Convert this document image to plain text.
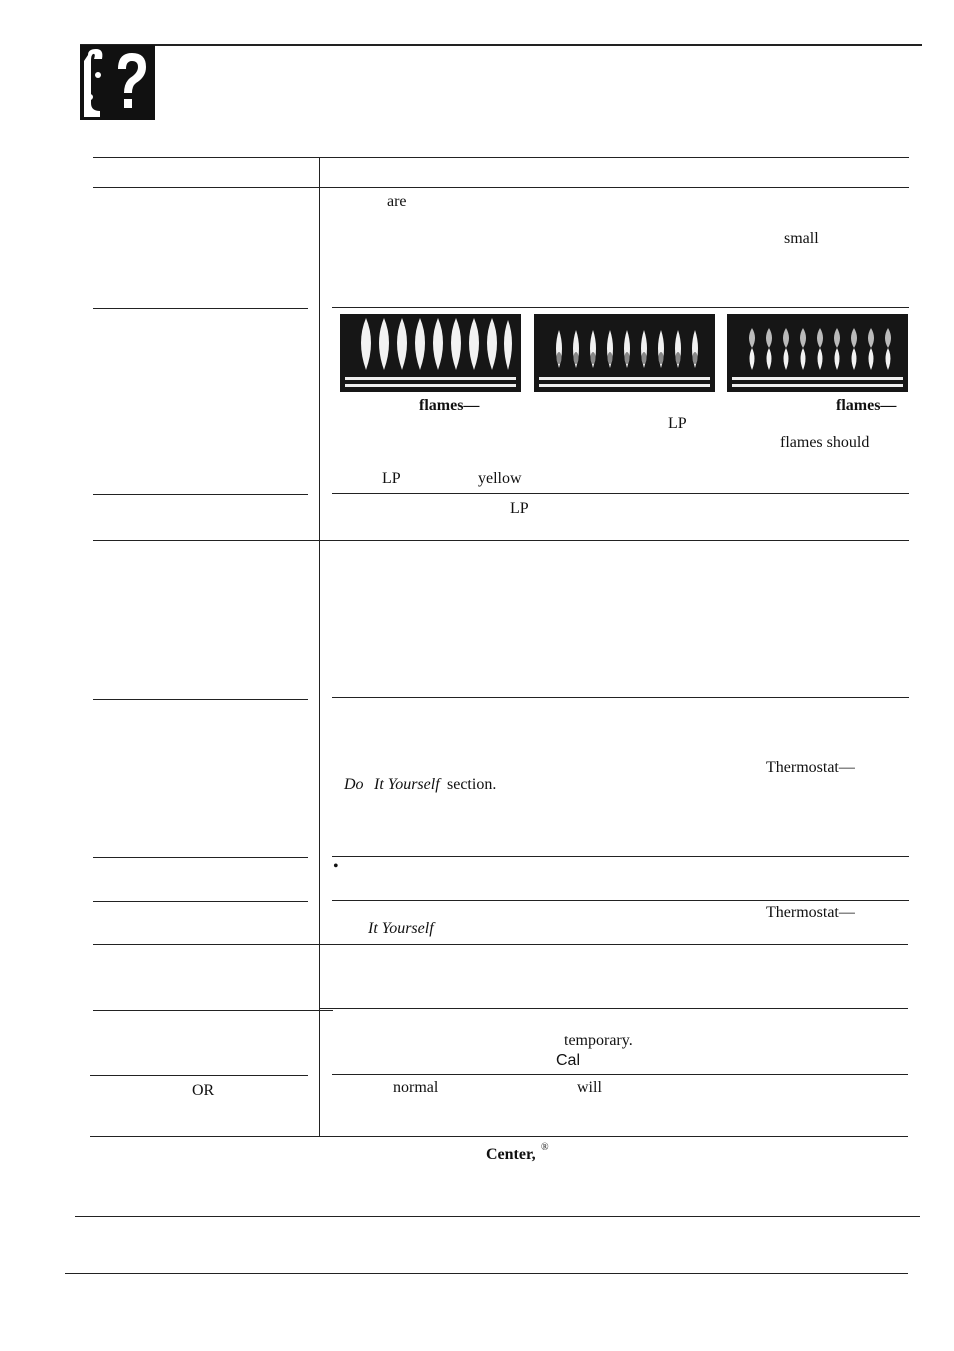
are
small
flames—
LP
flames—
flames should
LP	yellow
LP
Thermostat—
Do It Yourself section.
•
Thermostat—
It Yourself
temporary.
Cal
OR	normal	will
Center, ®
